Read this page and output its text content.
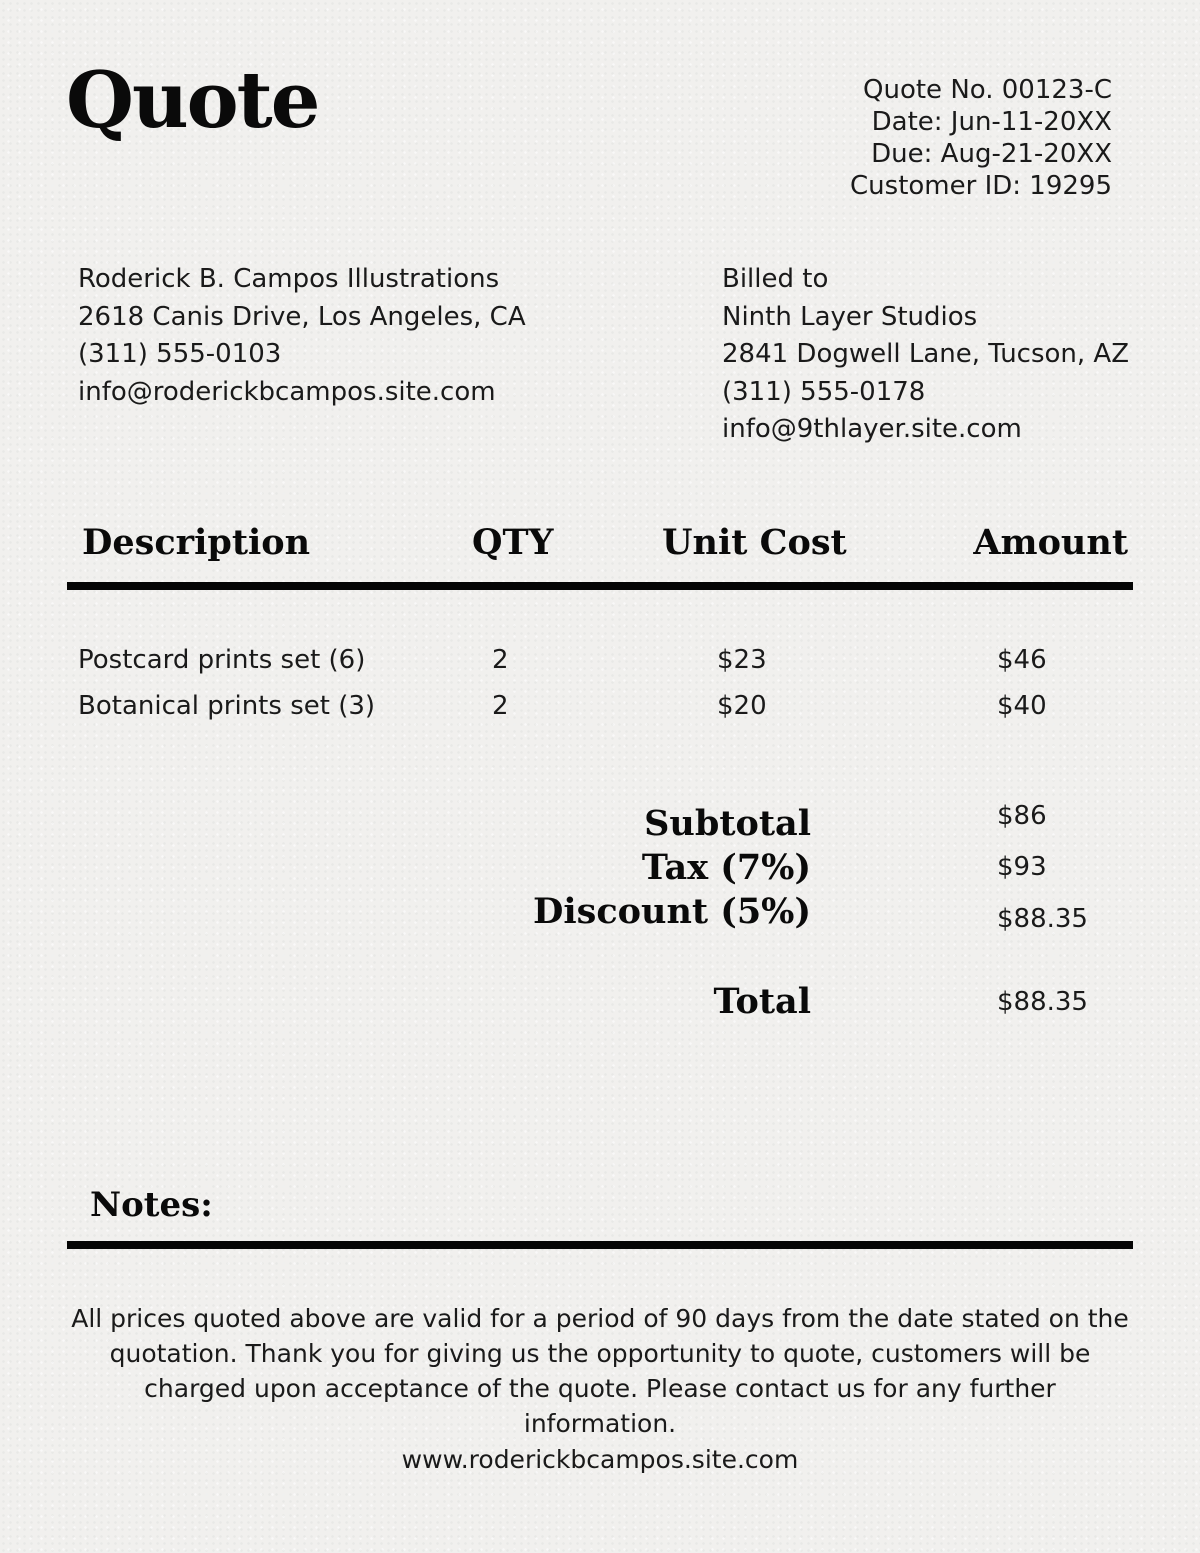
Quote	Quote No. 00123-C
Date: Jun-11-20XX
Due: Aug-21-20XX
Customer ID: 19295
Roderick B. Campos Illustrations
2618 Canis Drive, Los Angeles, CA
(311) 555-0103
info@roderickbcampos.site.com
Billed to
Ninth Layer Studios
2841 Dogwell Lane, Tucson, AZ
(311) 555-0178
info@9thlayer.site.com
Description	QTY	Unit Cost	Amount
Postcard prints set (6)	2	$23	$46
Botanical prints set (3)	2	$20	$40
Subtotal	$86
Tax (7%)	$93
Discount (5%)	$88.35
Total	$88.35
Notes:
All prices quoted above are valid for a period of 90 days from the date stated on the quotation. Thank you for giving us the opportunity to quote, customers will be charged upon acceptance of the quote. Please contact us for any further information.
www.roderickbcampos.site.com
